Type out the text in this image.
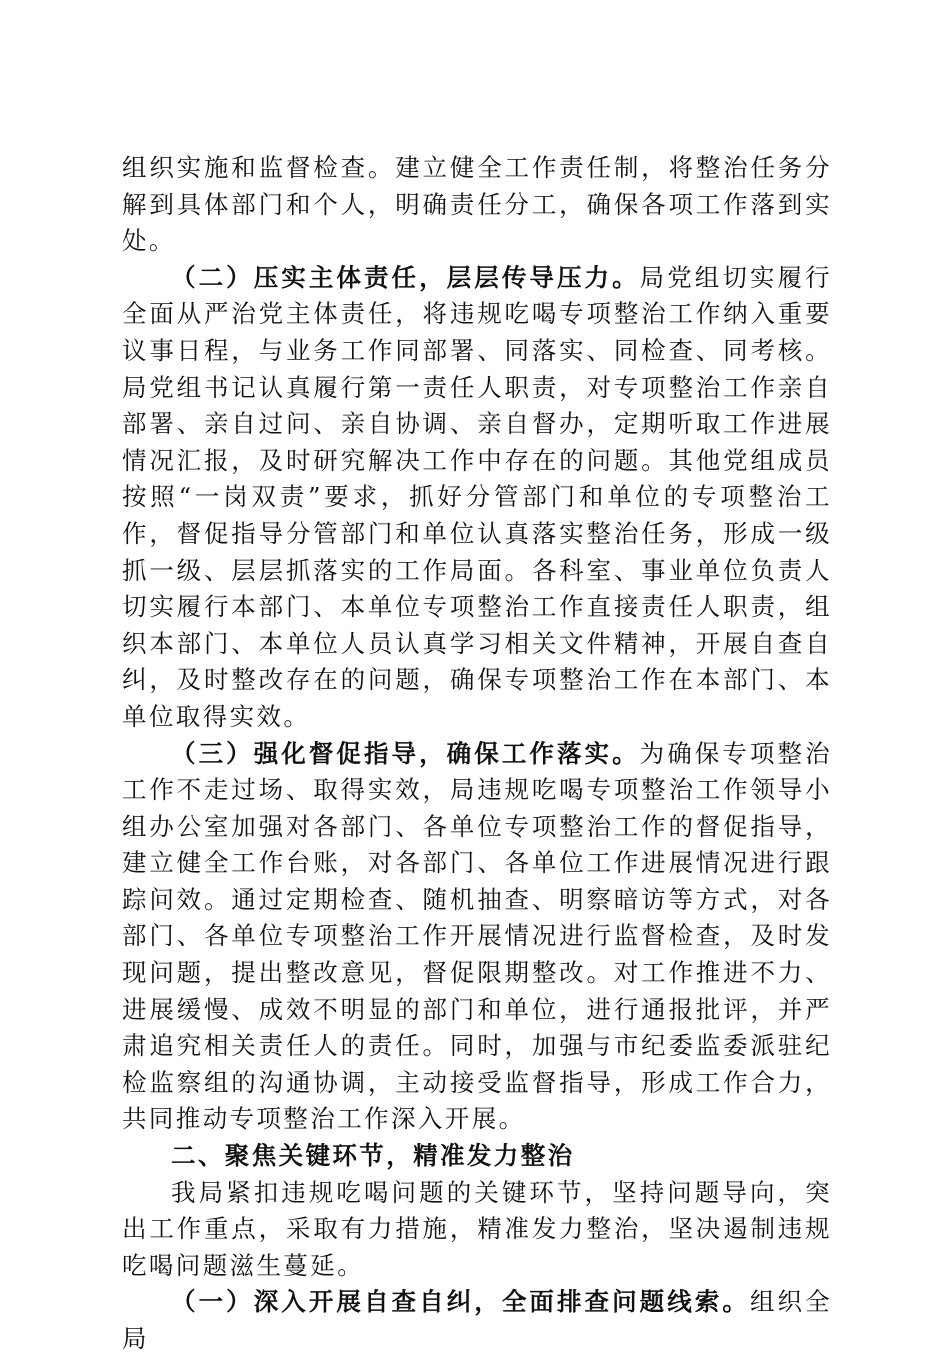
组织实施和监督检查。建立健全工作责任制，将整治任务分解到具体部门和个人，明确责任分工，确保各项工作落到实处。

（二）压实主体责任，层层传导压力。局党组切实履行全面从严治党主体责任，将违规吃喝专项整治工作纳入重要议事日程，与业务工作同部署、同落实、同检查、同考核。局党组书记认真履行第一责任人职责，对专项整治工作亲自部署、亲自过问、亲自协调、亲自督办，定期听取工作进展情况汇报，及时研究解决工作中存在的问题。其他党组成员按照“一岗双责”要求，抓好分管部门和单位的专项整治工作，督促指导分管部门和单位认真落实整治任务，形成一级抓一级、层层抓落实的工作局面。各科室、事业单位负责人切实履行本部门、本单位专项整治工作直接责任人职责，组织本部门、本单位人员认真学习相关文件精神，开展自查自纠，及时整改存在的问题，确保专项整治工作在本部门、本单位取得实效。

（三）强化督促指导，确保工作落实。为确保专项整治工作不走过场、取得实效，局违规吃喝专项整治工作领导小组办公室加强对各部门、各单位专项整治工作的督促指导，建立健全工作台账，对各部门、各单位工作进展情况进行跟踪问效。通过定期检查、随机抽查、明察暗访等方式，对各部门、各单位专项整治工作开展情况进行监督检查，及时发现问题，提出整改意见，督促限期整改。对工作推进不力、进展缓慢、成效不明显的部门和单位，进行通报批评，并严肃追究相关责任人的责任。同时，加强与市纪委监委派驻纪检监察组的沟通协调，主动接受监督指导，形成工作合力，共同推动专项整治工作深入开展。

二、聚焦关键环节，精准发力整治

我局紧扣违规吃喝问题的关键环节，坚持问题导向，突出工作重点，采取有力措施，精准发力整治，坚决遏制违规吃喝问题滋生蔓延。

（一）深入开展自查自纠，全面排查问题线索。组织全局
